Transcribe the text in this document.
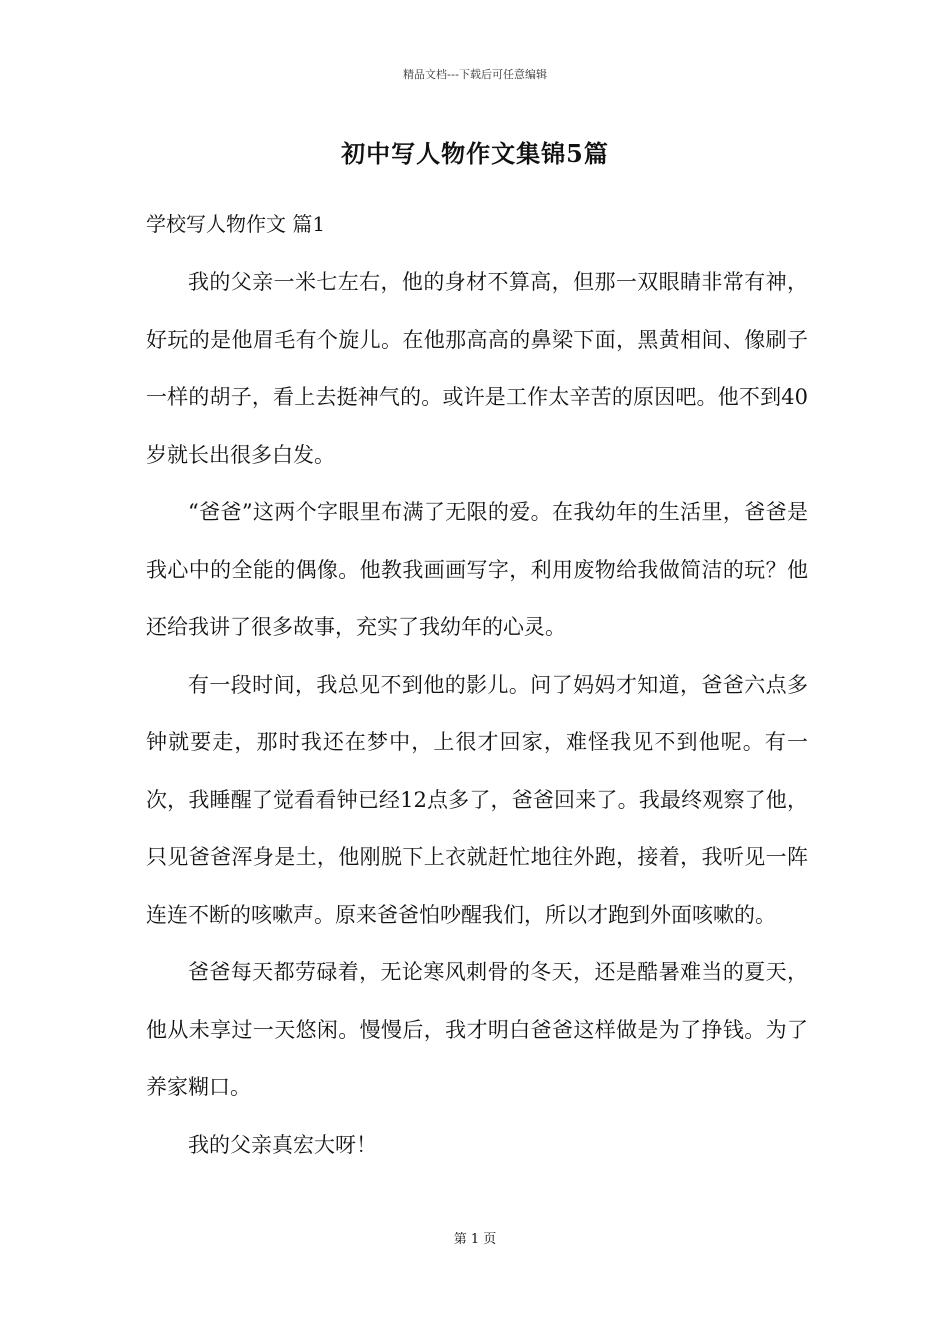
精品文档---下载后可任意编辑
初中写人物作文集锦5篇
学校写人物作文 篇1

我的父亲一米七左右，他的身材不算高，但那一双眼睛非常有神，好玩的是他眉毛有个旋儿。在他那高高的鼻梁下面，黑黄相间、像刷子一样的胡子，看上去挺神气的。或许是工作太辛苦的原因吧。他不到40岁就长出很多白发。

“爸爸”这两个字眼里布满了无限的爱。在我幼年的生活里，爸爸是我心中的全能的偶像。他教我画画写字，利用废物给我做简洁的玩？他还给我讲了很多故事，充实了我幼年的心灵。

有一段时间，我总见不到他的影儿。问了妈妈才知道，爸爸六点多钟就要走，那时我还在梦中，上很才回家，难怪我见不到他呢。有一次，我睡醒了觉看看钟已经12点多了，爸爸回来了。我最终观察了他，只见爸爸浑身是土，他刚脱下上衣就赶忙地往外跑，接着，我听见一阵连连不断的咳嗽声。原来爸爸怕吵醒我们，所以才跑到外面咳嗽的。

爸爸每天都劳碌着，无论寒风刺骨的冬天，还是酷暑难当的夏天，他从未享过一天悠闲。慢慢后，我才明白爸爸这样做是为了挣钱。为了养家糊口。

我的父亲真宏大呀！

第 1 页
